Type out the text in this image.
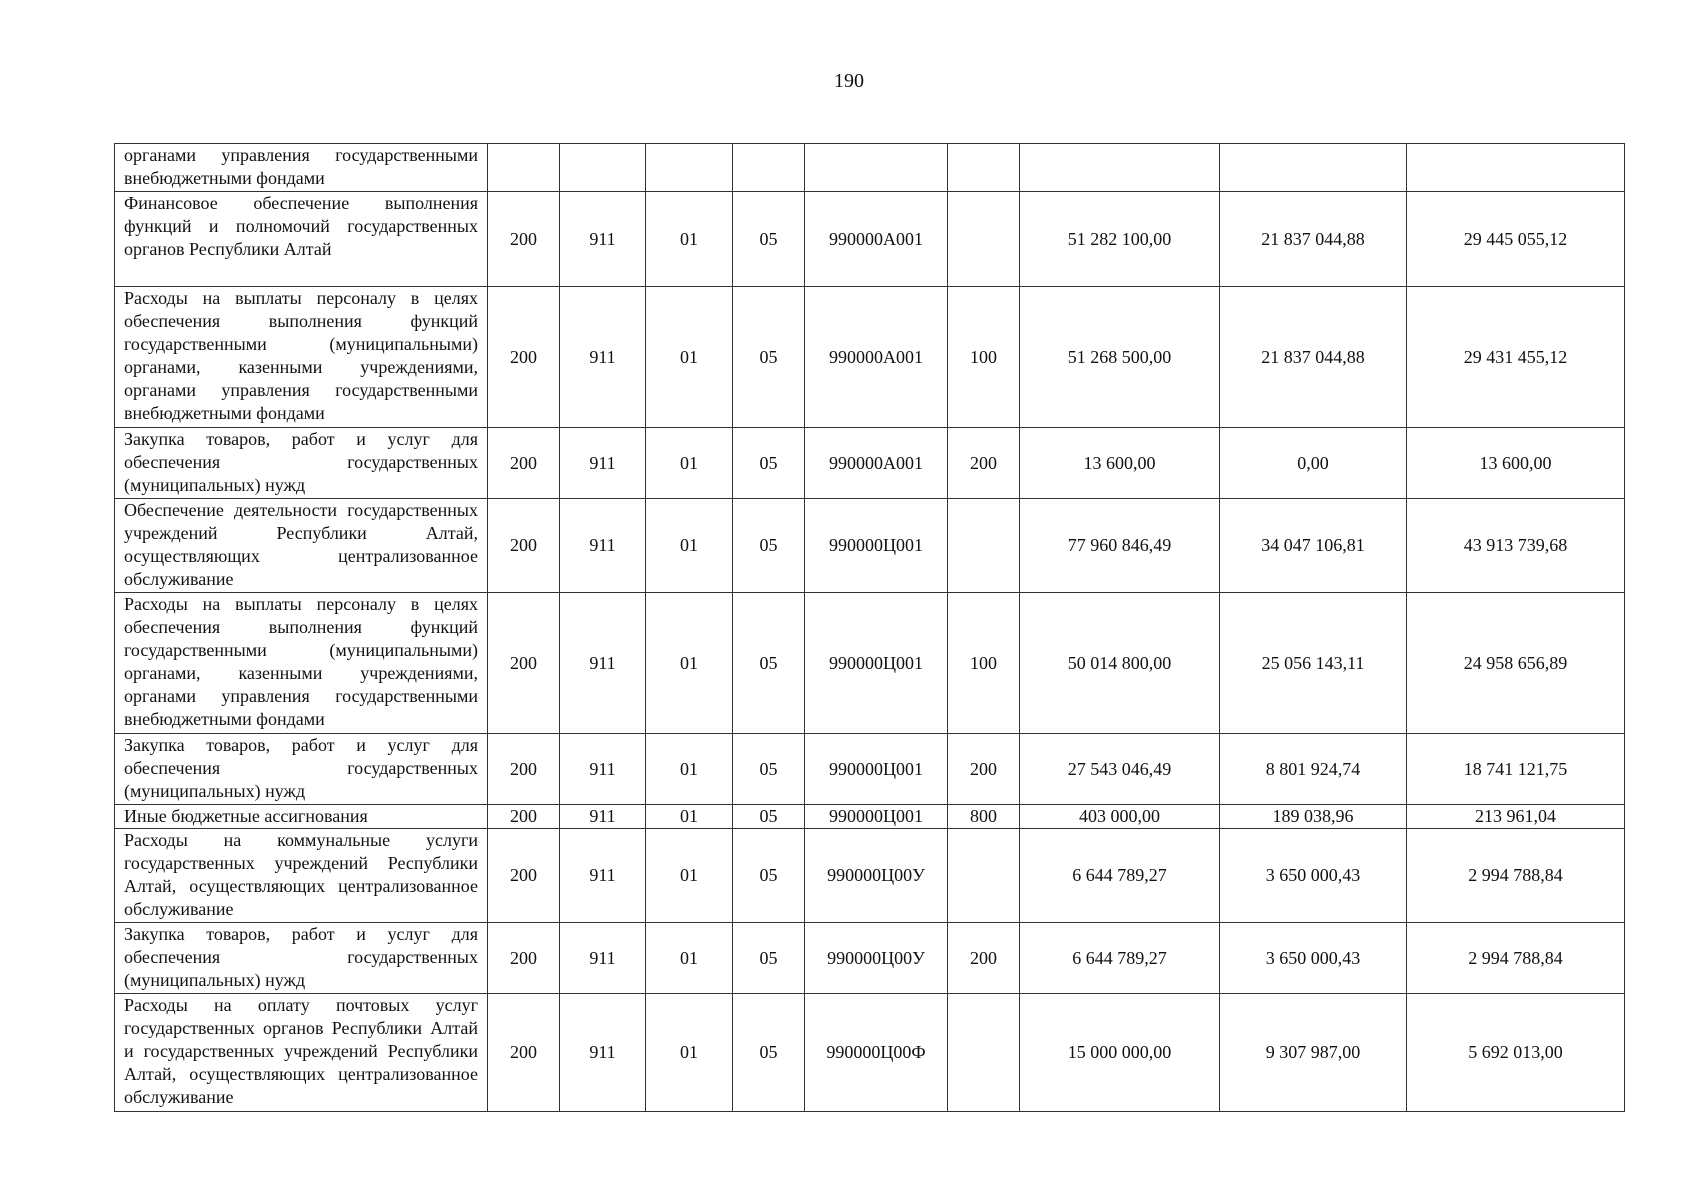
190
органами управления государственными внебюджетными фондами									
Финансовое обеспечение выполнения функций и полномочий государственных органов Республики Алтай	200	911	01	05	990000А001		51 282 100,00	21 837 044,88	29 445 055,12
Расходы на выплаты персоналу в целях обеспечения выполнения функций государственными (муниципальными) органами, казенными учреждениями, органами управления государственными внебюджетными фондами	200	911	01	05	990000А001	100	51 268 500,00	21 837 044,88	29 431 455,12
Закупка товаров, работ и услуг для обеспечения государственных (муниципальных) нужд	200	911	01	05	990000А001	200	13 600,00	0,00	13 600,00
Обеспечение деятельности государственных учреждений Республики Алтай, осуществляющих централизованное обслуживание	200	911	01	05	990000Ц001		77 960 846,49	34 047 106,81	43 913 739,68
Расходы на выплаты персоналу в целях обеспечения выполнения функций государственными (муниципальными) органами, казенными учреждениями, органами управления государственными внебюджетными фондами	200	911	01	05	990000Ц001	100	50 014 800,00	25 056 143,11	24 958 656,89
Закупка товаров, работ и услуг для обеспечения государственных (муниципальных) нужд	200	911	01	05	990000Ц001	200	27 543 046,49	8 801 924,74	18 741 121,75
Иные бюджетные ассигнования	200	911	01	05	990000Ц001	800	403 000,00	189 038,96	213 961,04
Расходы на коммунальные услуги государственных учреждений Республики Алтай, осуществляющих централизованное обслуживание	200	911	01	05	990000Ц00У		6 644 789,27	3 650 000,43	2 994 788,84
Закупка товаров, работ и услуг для обеспечения государственных (муниципальных) нужд	200	911	01	05	990000Ц00У	200	6 644 789,27	3 650 000,43	2 994 788,84
Расходы на оплату почтовых услуг государственных органов Республики Алтай и государственных учреждений Республики Алтай, осуществляющих централизованное обслуживание	200	911	01	05	990000Ц00Ф		15 000 000,00	9 307 987,00	5 692 013,00
